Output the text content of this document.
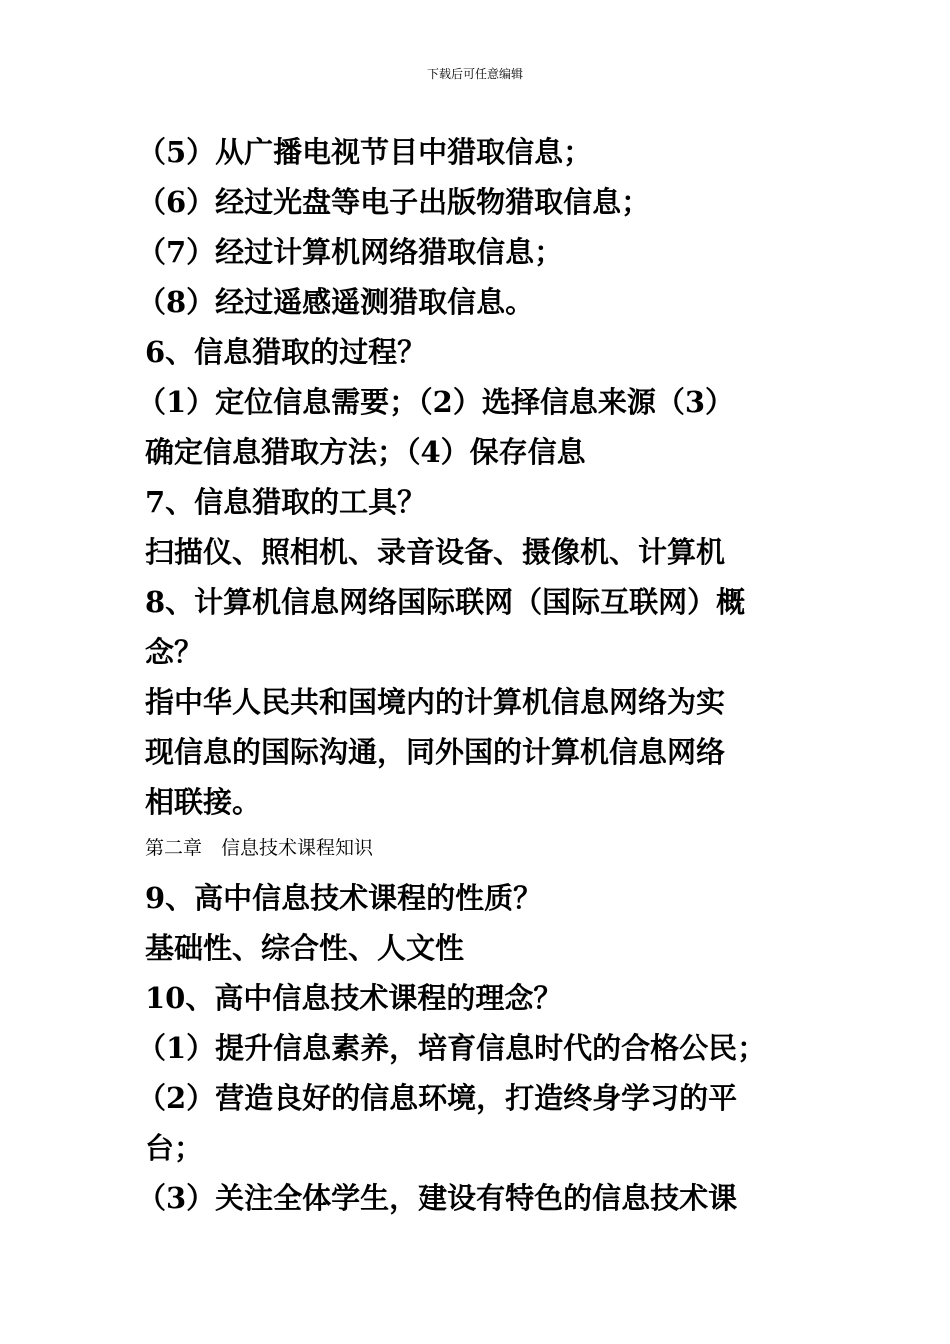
下载后可任意编辑
（5）从广播电视节目中猎取信息；
（6）经过光盘等电子出版物猎取信息；
（7）经过计算机网络猎取信息；
（8）经过遥感遥测猎取信息。
6、信息猎取的过程？
（1）定位信息需要；（2）选择信息来源（3）
确定信息猎取方法；（4）保存信息
7、信息猎取的工具？
扫描仪、照相机、录音设备、摄像机、计算机
8、计算机信息网络国际联网（国际互联网）概
念？
指中华人民共和国境内的计算机信息网络为实
现信息的国际沟通，同外国的计算机信息网络
相联接。
第二章　信息技术课程知识
9、高中信息技术课程的性质？
基础性、综合性、人文性
10、高中信息技术课程的理念？
（1）提升信息素养，培育信息时代的合格公民；
（2）营造良好的信息环境，打造终身学习的平
台；
（3）关注全体学生，建设有特色的信息技术课
